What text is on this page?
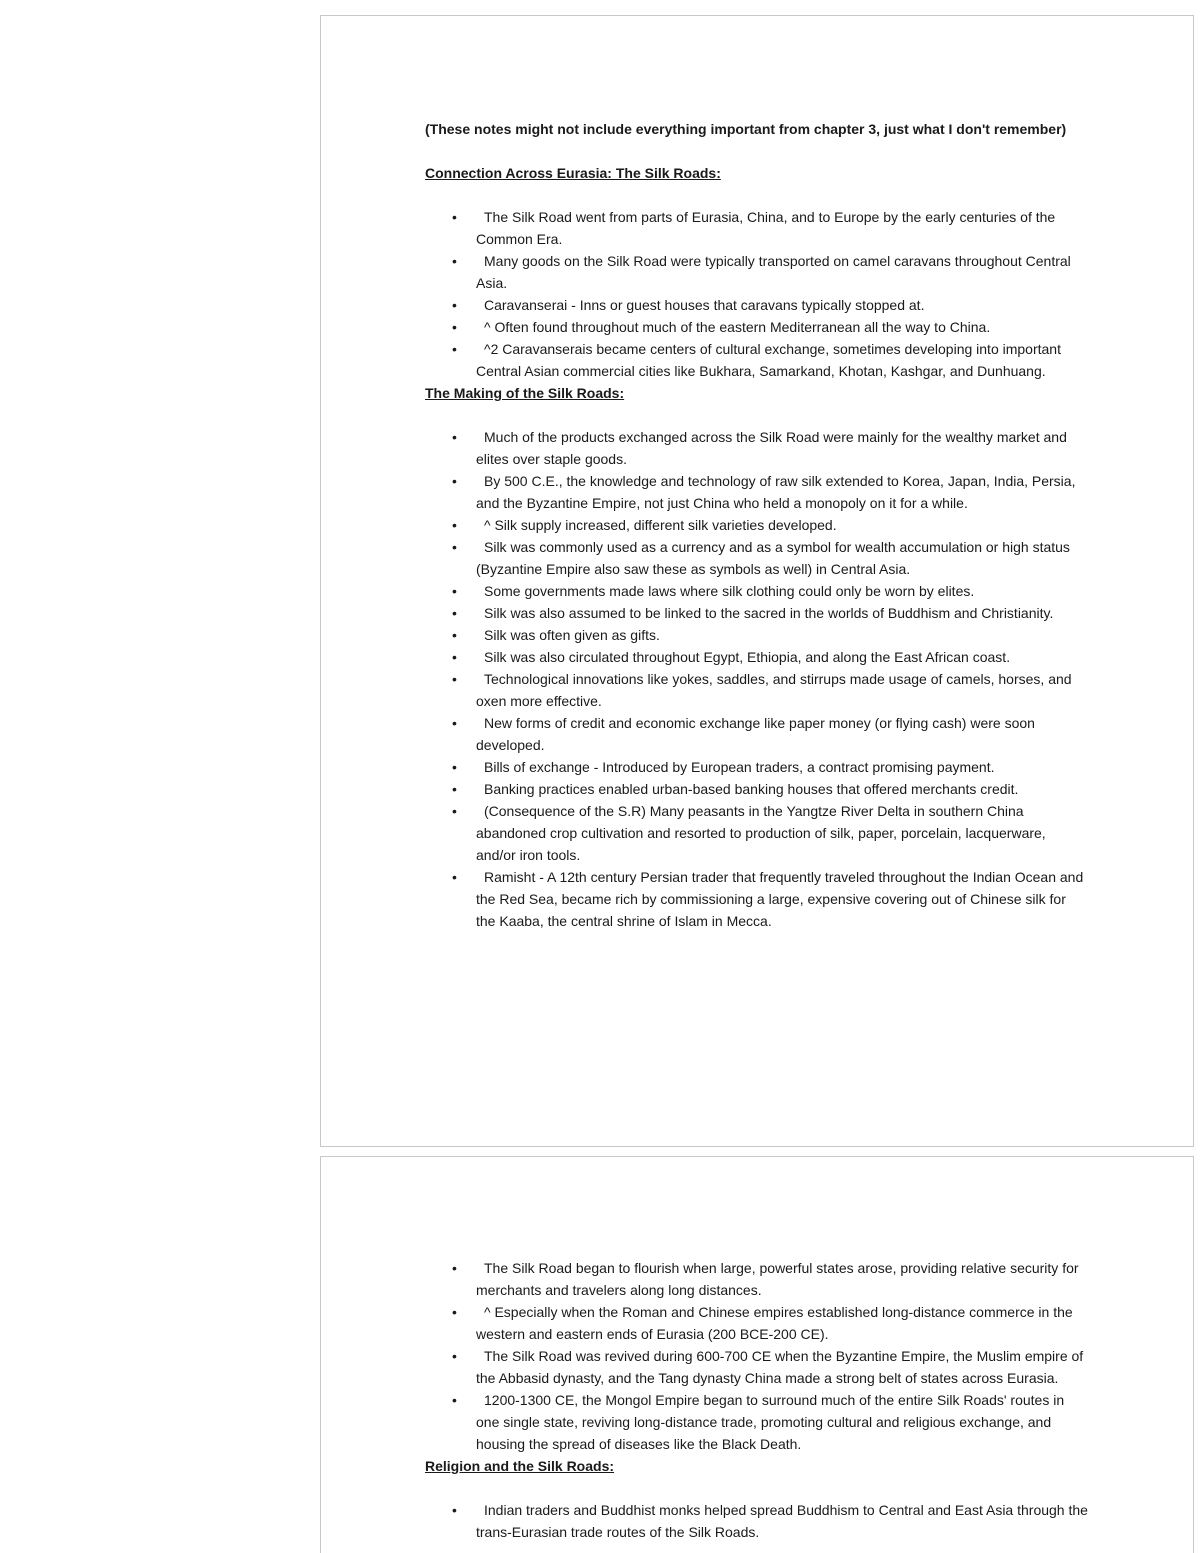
(These notes might not include everything important from chapter 3, just what I don't remember)

Connection Across Eurasia: The Silk Roads:

•	The Silk Road went from parts of Eurasia, China, and to Europe by the early centuries of the Common Era.
•	Many goods on the Silk Road were typically transported on camel caravans throughout Central Asia.
•	Caravanserai - Inns or guest houses that caravans typically stopped at.
•	^ Often found throughout much of the eastern Mediterranean all the way to China.
•	^2 Caravanserais became centers of cultural exchange, sometimes developing into important Central Asian commercial cities like Bukhara, Samarkand, Khotan, Kashgar, and Dunhuang.

The Making of the Silk Roads:

•	Much of the products exchanged across the Silk Road were mainly for the wealthy market and elites over staple goods.
•	By 500 C.E., the knowledge and technology of raw silk extended to Korea, Japan, India, Persia, and the Byzantine Empire, not just China who held a monopoly on it for a while.
•	^ Silk supply increased, different silk varieties developed.
•	Silk was commonly used as a currency and as a symbol for wealth accumulation or high status (Byzantine Empire also saw these as symbols as well) in Central Asia.
•	Some governments made laws where silk clothing could only be worn by elites.
•	Silk was also assumed to be linked to the sacred in the worlds of Buddhism and Christianity.
•	Silk was often given as gifts.
•	Silk was also circulated throughout Egypt, Ethiopia, and along the East African coast.
•	Technological innovations like yokes, saddles, and stirrups made usage of camels, horses, and oxen more effective.
•	New forms of credit and economic exchange like paper money (or flying cash) were soon developed.
•	Bills of exchange - Introduced by European traders, a contract promising payment.
•	Banking practices enabled urban-based banking houses that offered merchants credit.
•	(Consequence of the S.R) Many peasants in the Yangtze River Delta in southern China abandoned crop cultivation and resorted to production of silk, paper, porcelain, lacquerware, and/or iron tools.
•	Ramisht - A 12th century Persian trader that frequently traveled throughout the Indian Ocean and the Red Sea, became rich by commissioning a large, expensive covering out of Chinese silk for the Kaaba, the central shrine of Islam in Mecca.
•	The Silk Road began to flourish when large, powerful states arose, providing relative security for merchants and travelers along long distances.
•	^ Especially when the Roman and Chinese empires established long-distance commerce in the western and eastern ends of Eurasia (200 BCE-200 CE).
•	The Silk Road was revived during 600-700 CE when the Byzantine Empire, the Muslim empire of the Abbasid dynasty, and the Tang dynasty China made a strong belt of states across Eurasia.
•	1200-1300 CE, the Mongol Empire began to surround much of the entire Silk Roads' routes in one single state, reviving long-distance trade, promoting cultural and religious exchange, and housing the spread of diseases like the Black Death.

Religion and the Silk Roads:

•	Indian traders and Buddhist monks helped spread Buddhism to Central and East Asia through the trans-Eurasian trade routes of the Silk Roads.
